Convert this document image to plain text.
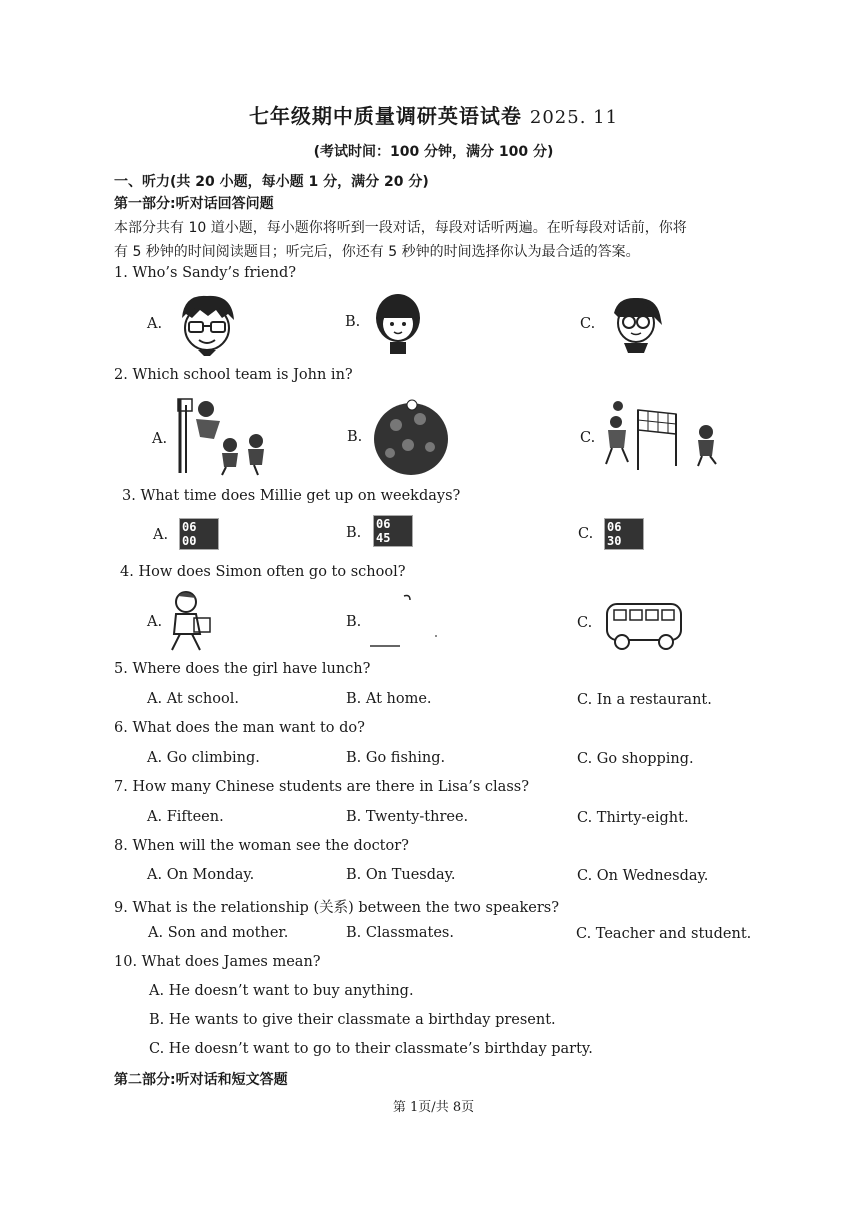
七年级期中质量调研英语试卷 2025. 11
(考试时间：100 分钟，满分 100 分)
一、听力(共 20 小题，每小题 1 分，满分 20 分)
第一部分:听对话回答问题
本部分共有 10 道小题，每小题你将听到一段对话，每段对话听两遍。在听每段对话前，你将
有 5 秒钟的时间阅读题目；听完后，你还有 5 秒钟的时间选择你认为最合适的答案。
1. Who’s Sandy’s friend?
A.	B.	C.
2. Which school team is John in?
A.	B.	C.
3. What time does Millie get up on weekdays?
A.	B.	C.
06 00
06 45
06 30
4. How does Simon often go to school?
A.	B.	C.
5. Where does the girl have lunch?
A. At school.	B. At home.	C. In a restaurant.
6. What does the man want to do?
A. Go climbing.	B. Go fishing.	C. Go shopping.
7. How many Chinese students are there in Lisa’s class?
A. Fifteen.	B. Twenty-three.	C. Thirty-eight.
8. When will the woman see the doctor?
A. On Monday.	B. On Tuesday.	C. On Wednesday.
9. What is the relationship (关系) between the two speakers?
A. Son and mother.	B. Classmates.	C. Teacher and student.
10. What does James mean?
A. He doesn’t want to buy anything.
B. He wants to give their classmate a birthday present.
C. He doesn’t want to go to their classmate’s birthday party.
第二部分:听对话和短文答题
第 1页/共 8页
